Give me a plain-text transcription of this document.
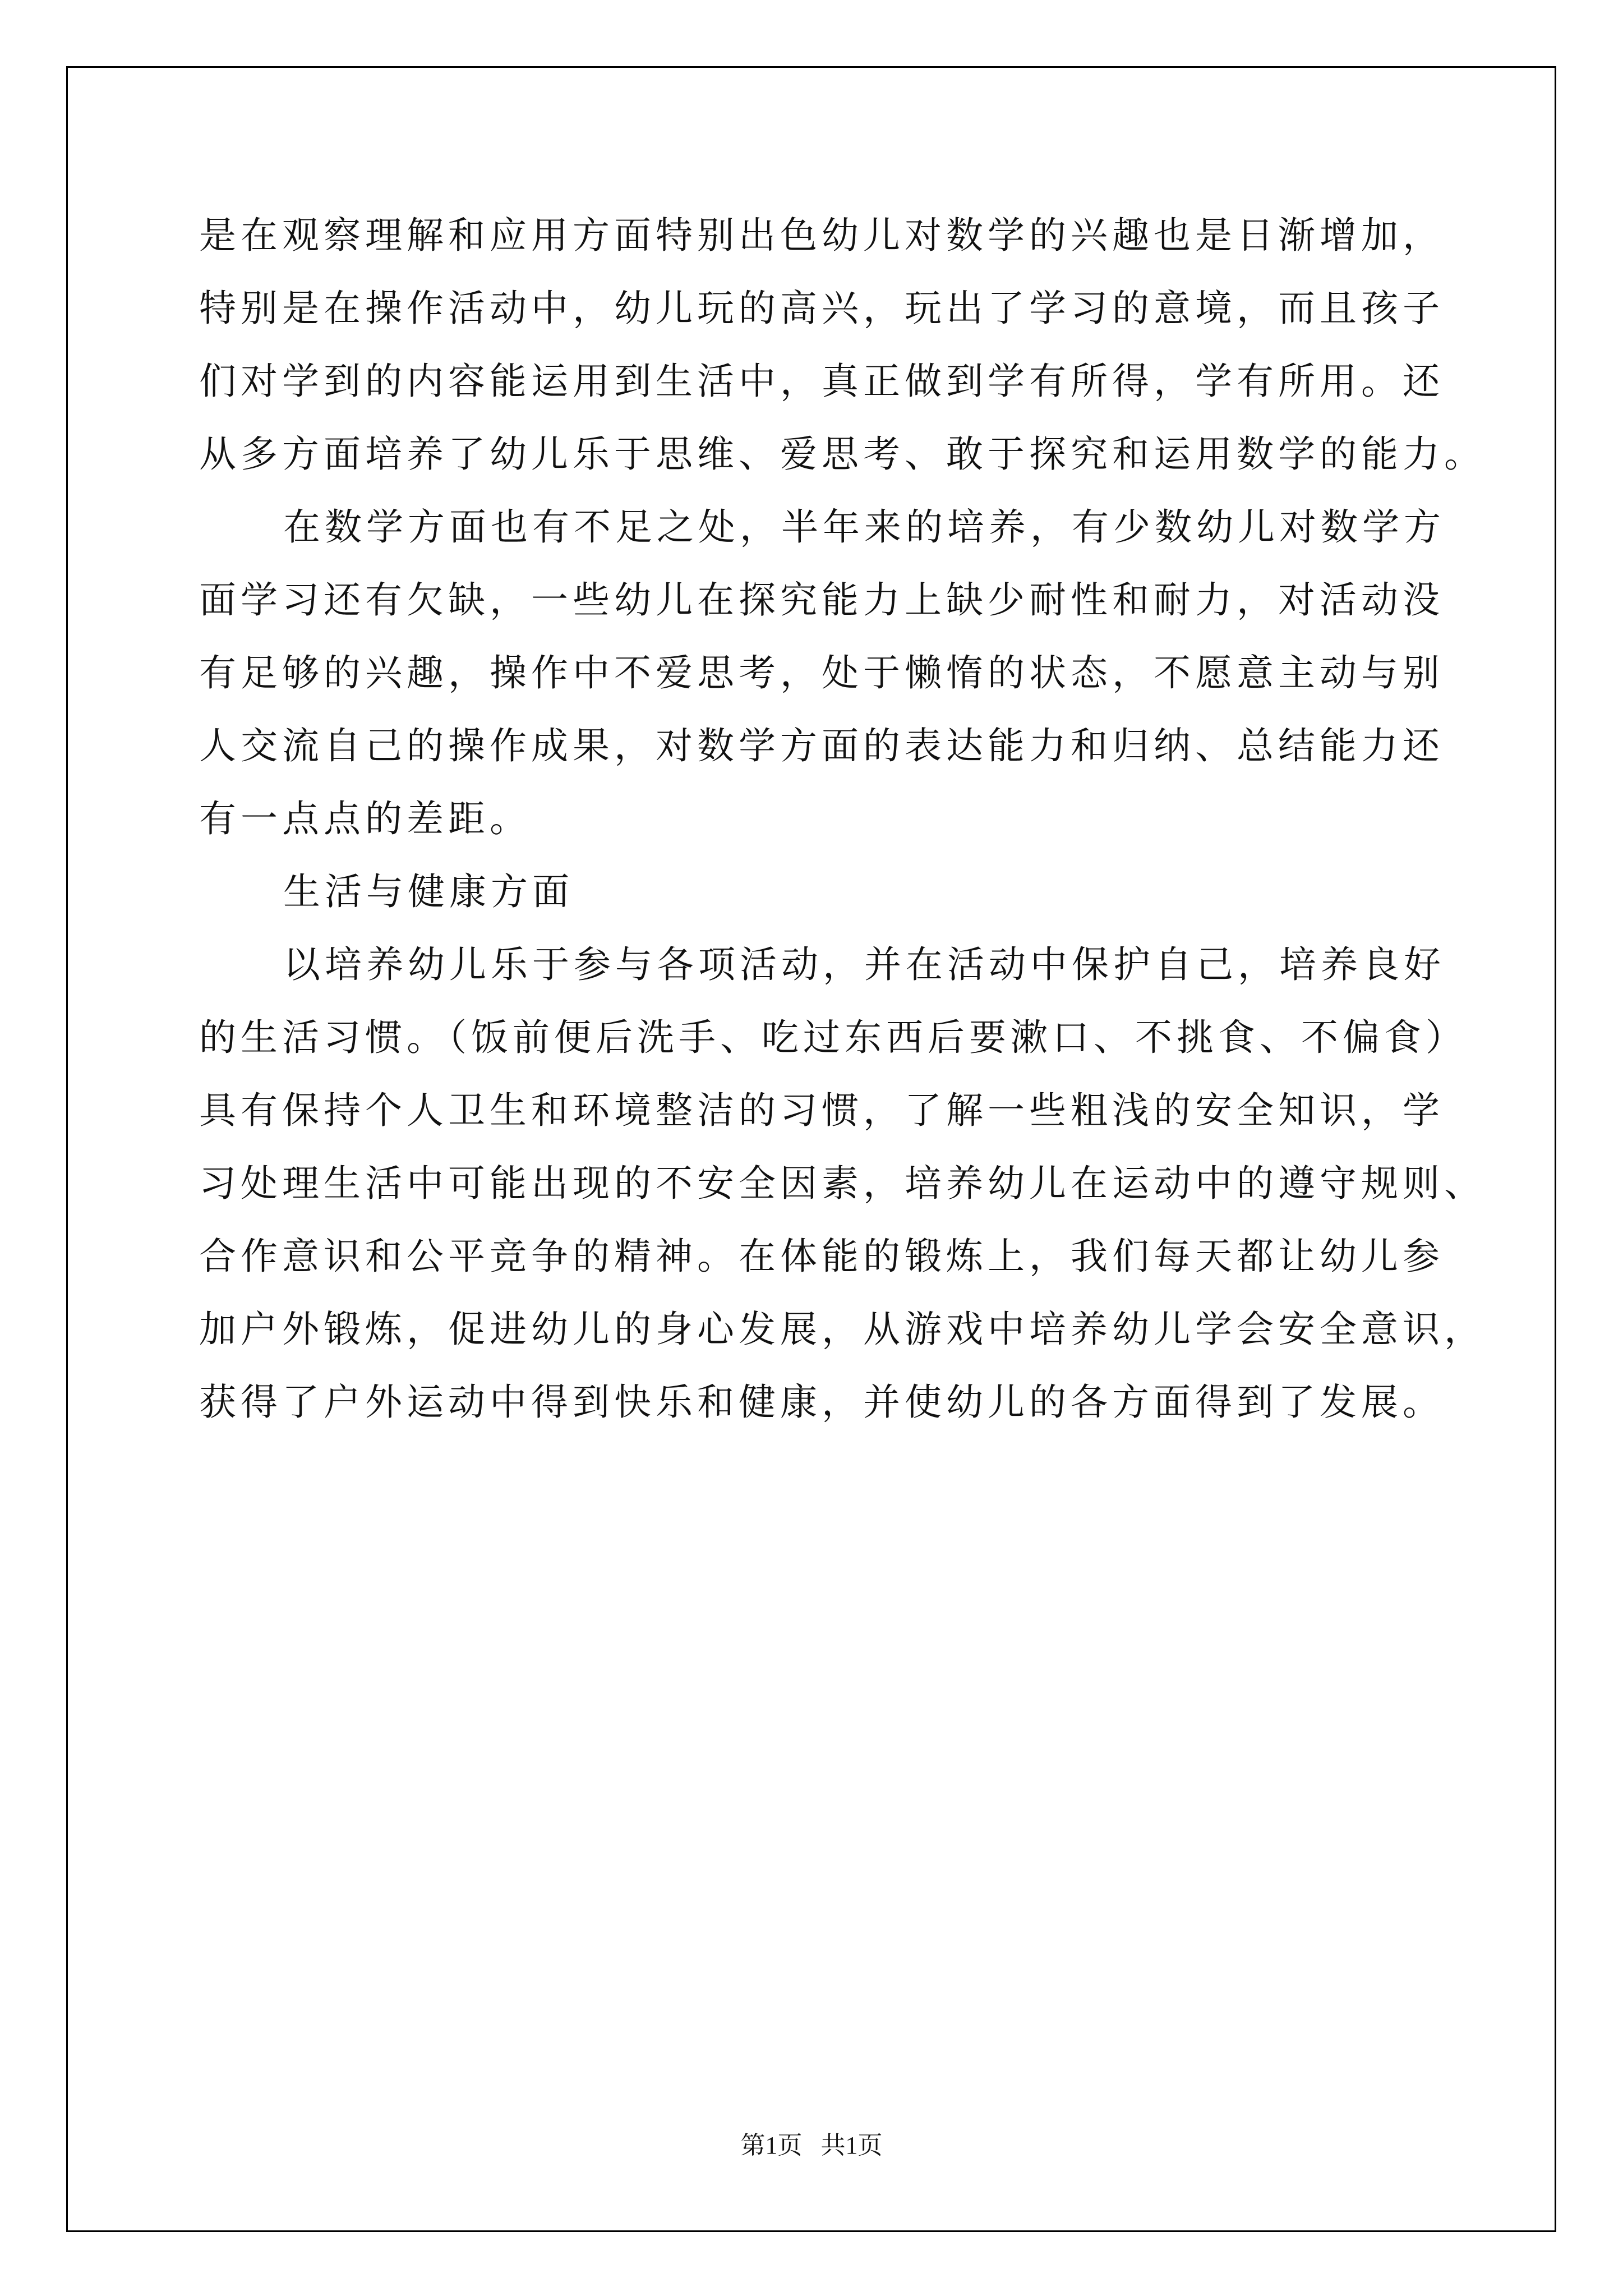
是在观察理解和应用方面特别出色幼儿对数学的兴趣也是日渐增加，
特别是在操作活动中，幼儿玩的高兴，玩出了学习的意境，而且孩子
们对学到的内容能运用到生活中，真正做到学有所得，学有所用。还
从多方面培养了幼儿乐于思维、爱思考、敢于探究和运用数学的能力。
在数学方面也有不足之处，半年来的培养，有少数幼儿对数学方
面学习还有欠缺，一些幼儿在探究能力上缺少耐性和耐力，对活动没
有足够的兴趣，操作中不爱思考，处于懒惰的状态，不愿意主动与别
人交流自己的操作成果，对数学方面的表达能力和归纳、总结能力还
有一点点的差距。
生活与健康方面
以培养幼儿乐于参与各项活动，并在活动中保护自己，培养良好
的生活习惯。（饭前便后洗手、吃过东西后要漱口、不挑食、不偏食）
具有保持个人卫生和环境整洁的习惯，了解一些粗浅的安全知识，学
习处理生活中可能出现的不安全因素，培养幼儿在运动中的遵守规则、
合作意识和公平竞争的精神。在体能的锻炼上，我们每天都让幼儿参
加户外锻炼，促进幼儿的身心发展，从游戏中培养幼儿学会安全意识，
获得了户外运动中得到快乐和健康，并使幼儿的各方面得到了发展。
第1页   共1页
